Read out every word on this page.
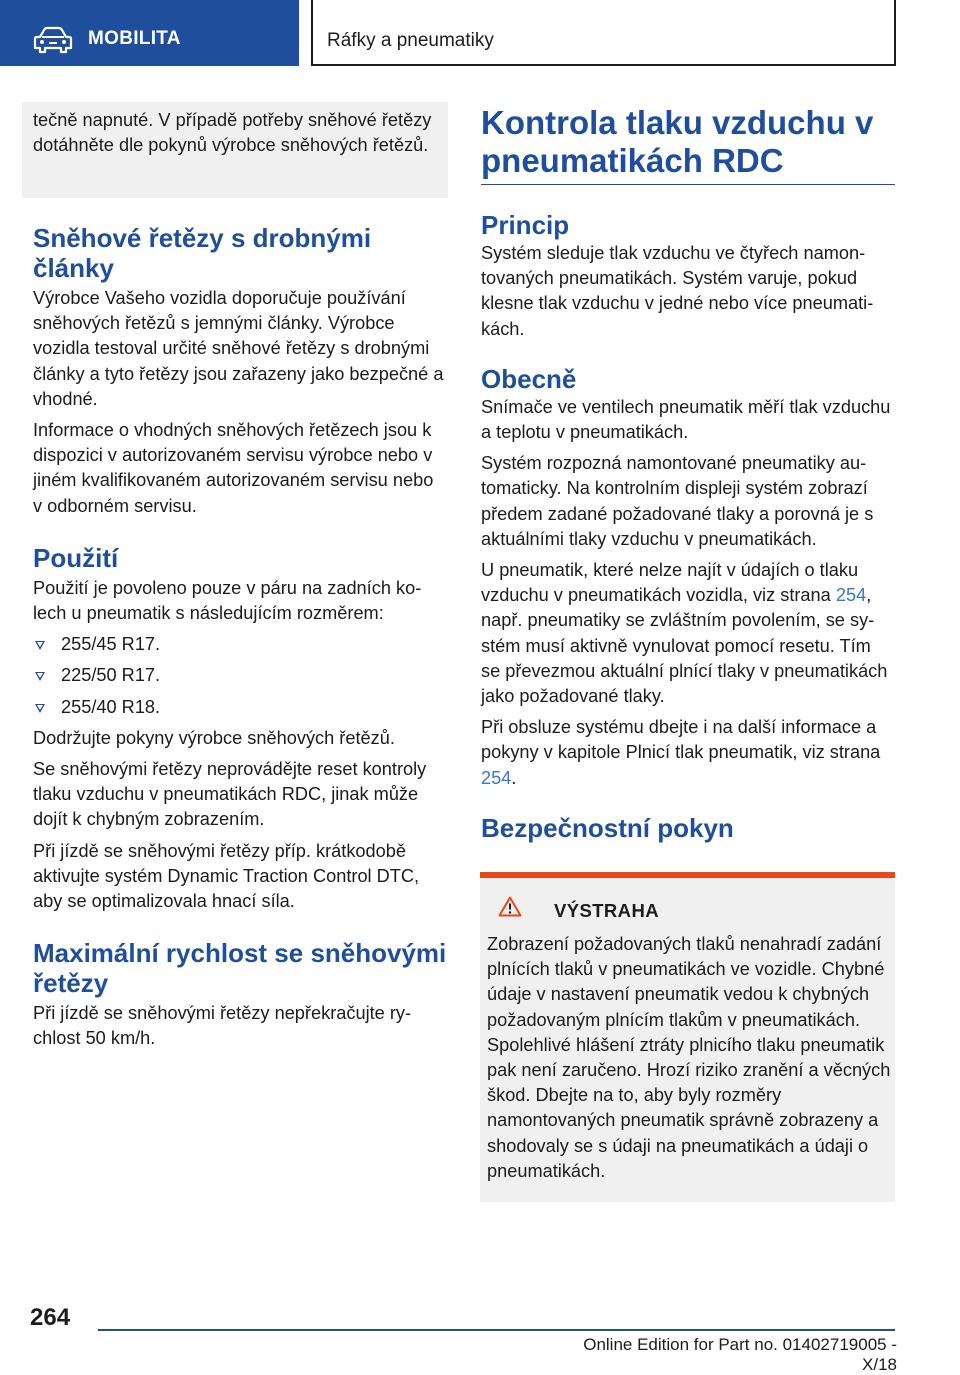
MOBILITA	Ráfky a pneumatiky

tečně napnuté. V případě potřeby sněhové řetězy dotáhněte dle pokynů výrobce sněhových řetězů.

Sněhové řetězy s drobnými články

Výrobce Vašeho vozidla doporučuje používání sněhových řetězů s jemnými články. Výrobce vozidla testoval určité sněhové řetězy s drobnými články a tyto řetězy jsou zařazeny jako bezpečné a vhodné.

Informace o vhodných sněhových řetězech jsou k dispozici v autorizovaném servisu výrobce nebo v jiném kvalifikovaném autorizovaném servisu nebo v odborném servisu.

Použití

Použití je povoleno pouze v páru na zadních kolech u pneumatik s následujícím rozměrem:

255/45 R17.
225/50 R17.
255/40 R18.

Dodržujte pokyny výrobce sněhových řetězů.

Se sněhovými řetězy neprovádějte reset kontroly tlaku vzduchu v pneumatikách RDC, jinak může dojít k chybným zobrazením.

Při jízdě se sněhovými řetězy příp. krátkodobě aktivujte systém Dynamic Traction Control DTC, aby se optimalizovala hnací síla.

Maximální rychlost se sněhovými řetězy

Při jízdě se sněhovými řetězy nepřekračujte rychlost 50 km/h.

Kontrola tlaku vzduchu v pneumatikách RDC
Princip

Systém sleduje tlak vzduchu ve čtyřech namontovaných pneumatikách. Systém varuje, pokud klesne tlak vzduchu v jedné nebo více pneumatikách.

Obecně

Snímače ve ventilech pneumatik měří tlak vzduchu a teplotu v pneumatikách.

Systém rozpozná namontované pneumatiky automaticky. Na kontrolním displeji systém zobrazí předem zadané požadované tlaky a porovná je s aktuálními tlaky vzduchu v pneumatikách.

U pneumatik, které nelze najít v údajích o tlaku vzduchu v pneumatikách vozidla, viz strana 254, např. pneumatiky se zvláštním povolením, se systém musí aktivně vynulovat pomocí resetu. Tím se převezmou aktuální plnící tlaky v pneumatikách jako požadované tlaky.

Při obsluze systému dbejte i na další informace a pokyny v kapitole Plnicí tlak pneumatik, viz strana 254.

Bezpečnostní pokyn
VÝSTRAHA

Zobrazení požadovaných tlaků nenahradí zadání plnících tlaků v pneumatikách ve vozidle. Chybné údaje v nastavení pneumatik vedou k chybných požadovaným plnícím tlakům v pneumatikách. Spolehlivé hlášení ztráty plnicího tlaku pneumatik pak není zaručeno. Hrozí riziko zranění a věcných škod. Dbejte na to, aby byly rozměry namontovaných pneumatik správně zobrazeny a shodovaly se s údaji na pneumatikách a údaji o pneumatikách.

264
Online Edition for Part no. 01402719005 - X/18
